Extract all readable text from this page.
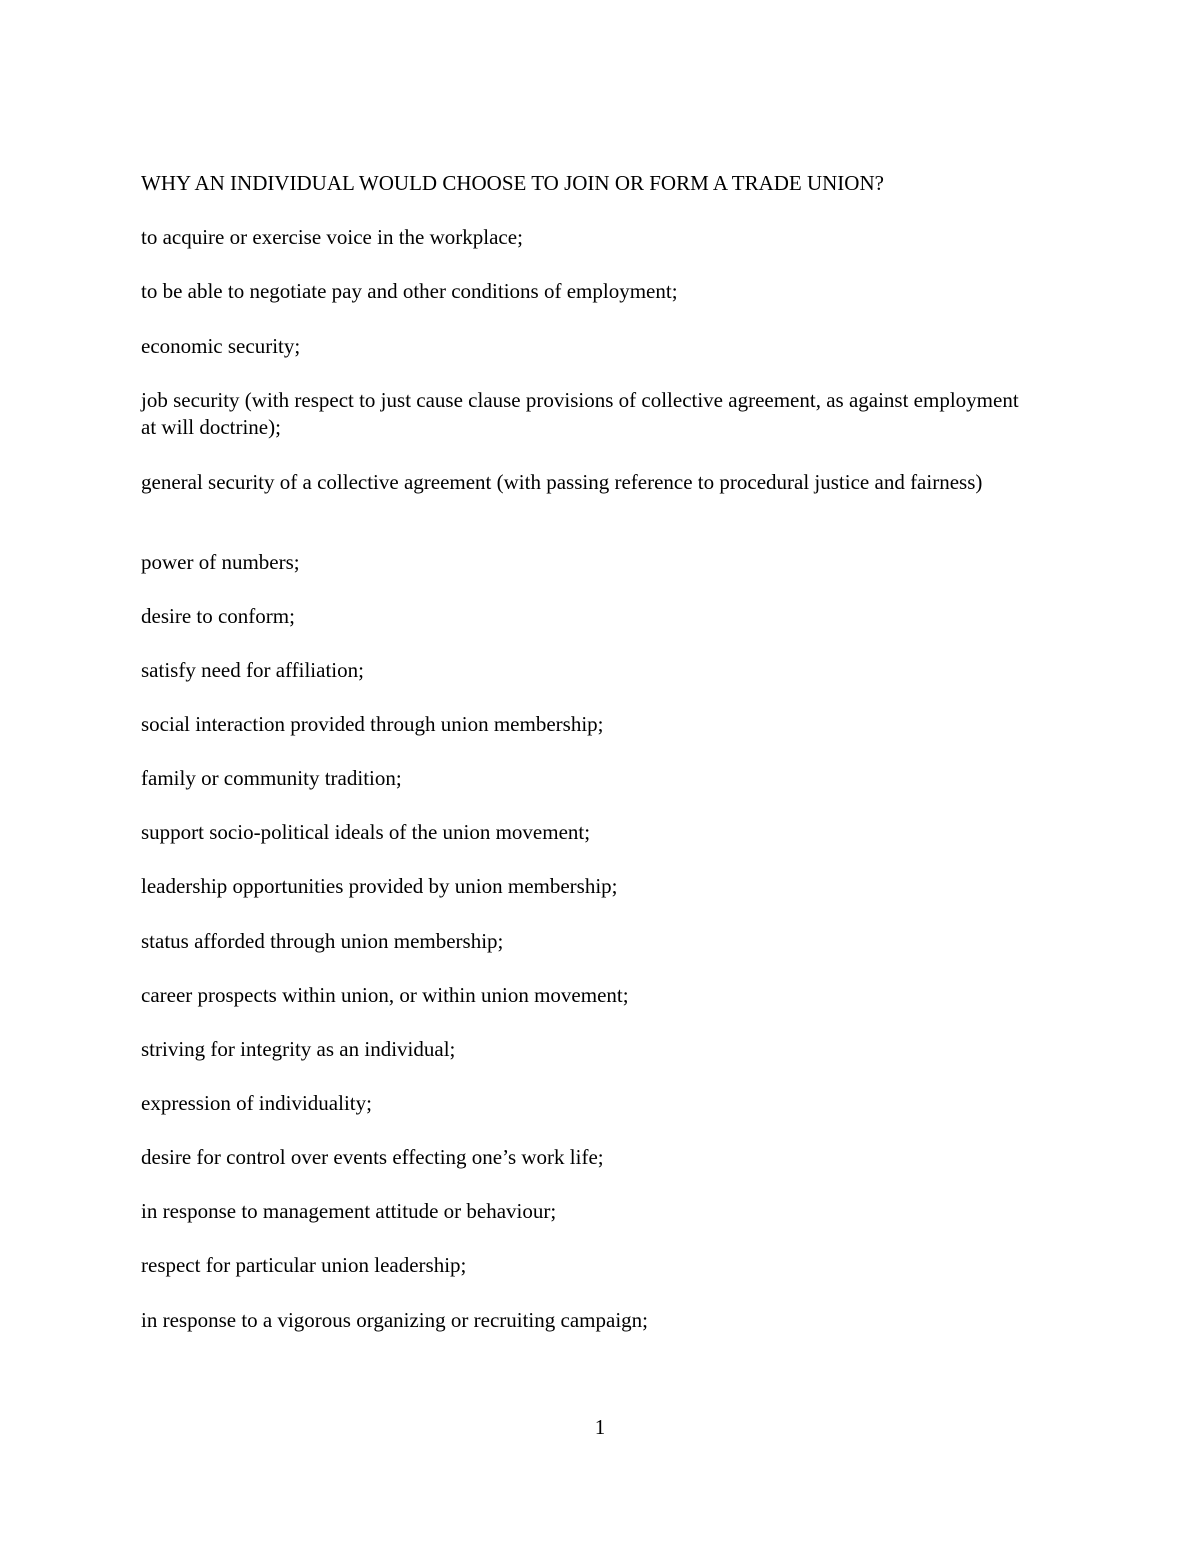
WHY AN INDIVIDUAL WOULD CHOOSE TO JOIN OR FORM A TRADE UNION?

to acquire or exercise voice in the workplace;

to be able to negotiate pay and other conditions of employment;

economic security;

job security (with respect to just cause clause provisions of collective agreement, as against employment at will doctrine);

general security of a collective agreement (with passing reference to procedural justice and fairness)

power of numbers;

desire to conform;

satisfy need for affiliation;

social interaction provided through union membership;

family or community tradition;

support socio-political ideals of the union movement;

leadership opportunities provided by union membership;

status afforded through union membership;

career prospects within union, or within union movement;

striving for integrity as an individual;

expression of individuality;

desire for control over events effecting one’s work life;

in response to management attitude or behaviour;

respect for particular union leadership;

in response to a vigorous organizing or recruiting campaign;

1
